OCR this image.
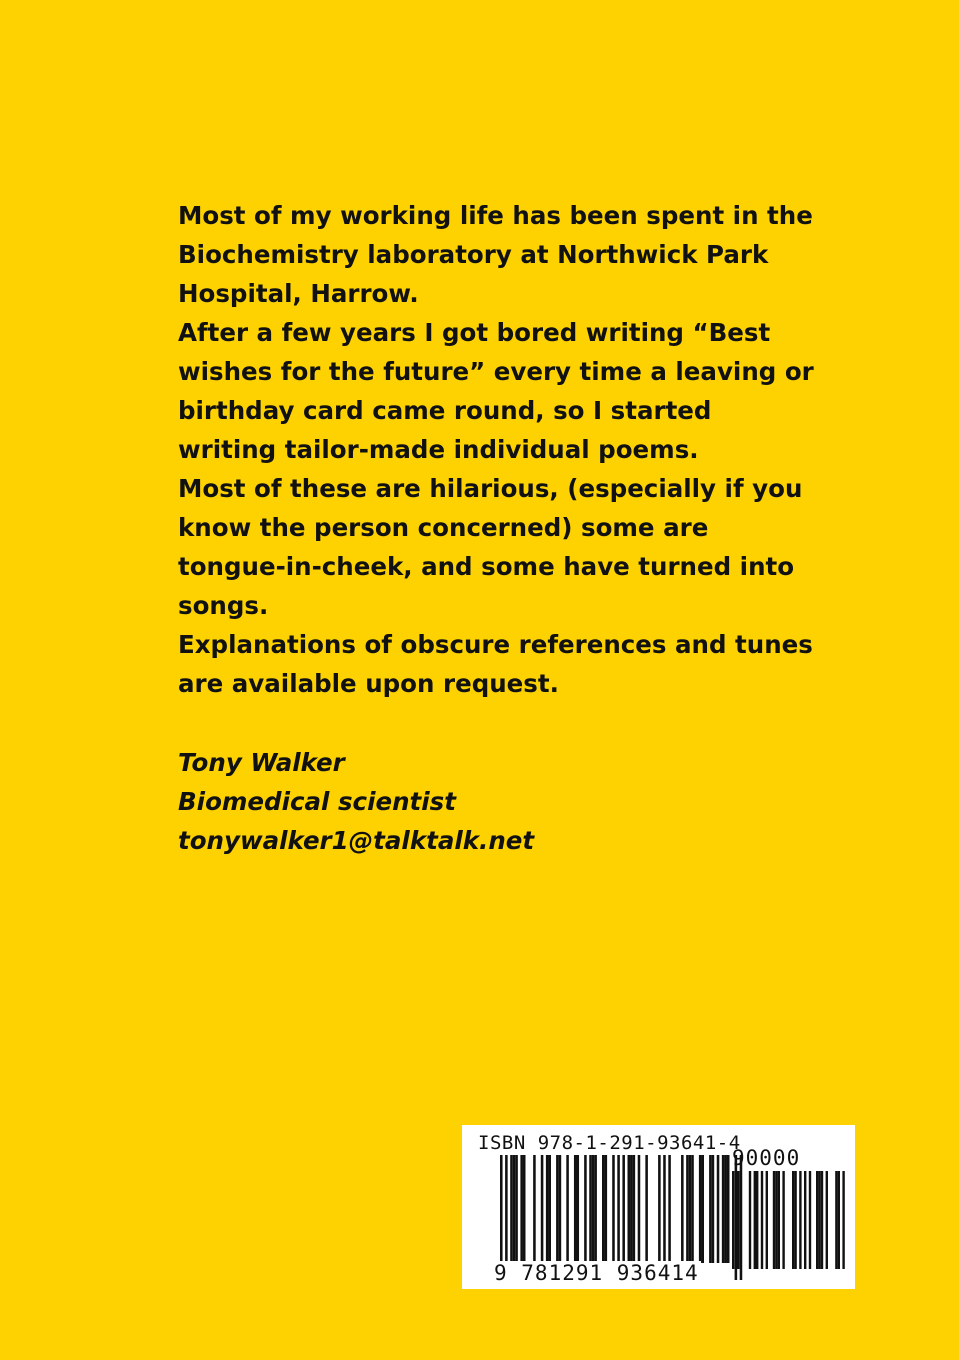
Most of my working life has been spent in the Biochemistry laboratory at Northwick Park Hospital, Harrow.

After a few years I got bored writing “Best wishes for the future” every time a leaving or birthday card came round, so I started writing tailor-made individual poems.

Most of these are hilarious, (especially if you know the person concerned) some are tongue-in-cheek, and some have turned into songs.

Explanations of obscure references and tunes are available upon request.

Tony Walker
Biomedical scientist
tonywalker1@talktalk.net
ISBN 978-1-291-93641-4
90000
9 781291 936414
